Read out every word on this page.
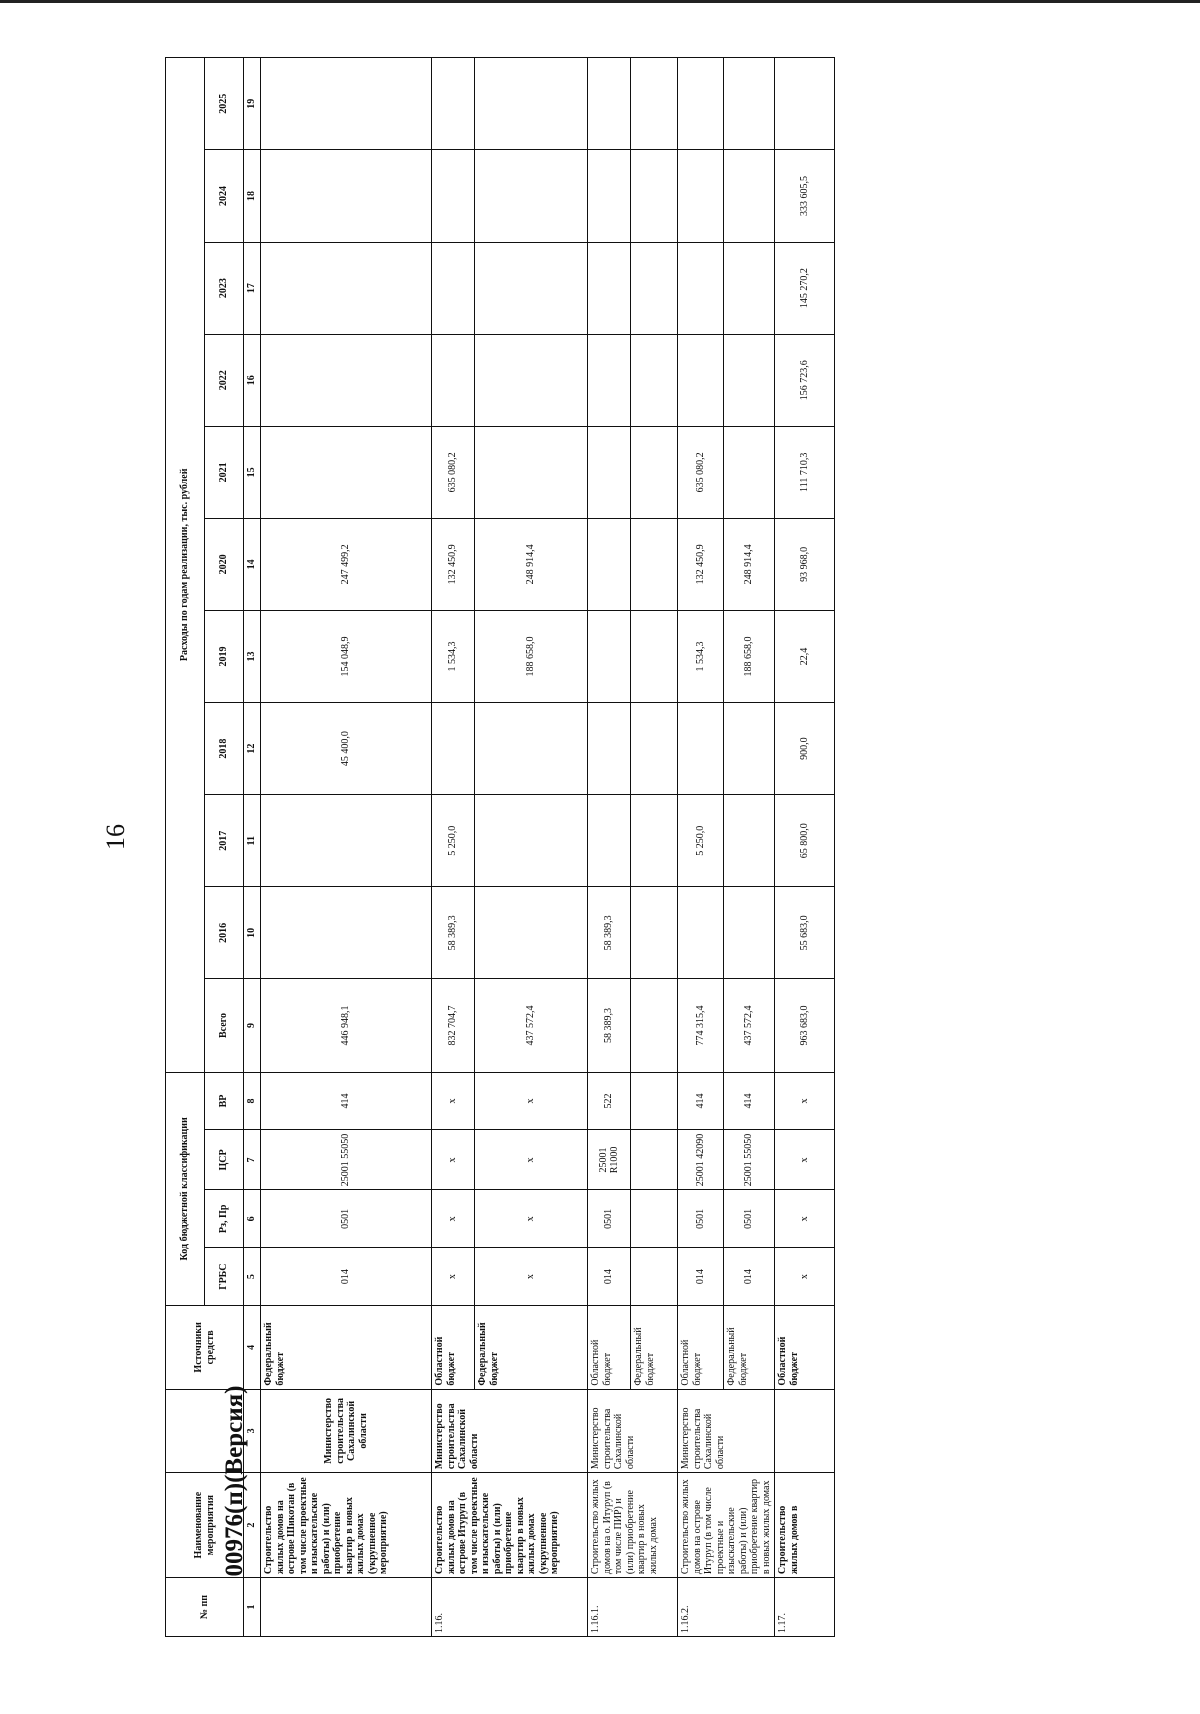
16
00976(п)(Версия)
№ пп	Наименование мероприятия		Источники средств	Код бюджетной классификации				Расходы по годам реализации, тыс. рублей										
				ГРБС	Рз, Пр	ЦСР	ВР	Всего	2016	2017	2018	2019	2020	2021	2022	2023	2024	2025
1	2	3	4	5	6	7	8	9	10	11	12	13	14	15	16	17	18	19
	Строительство жилых домов на острове Шикотан (в том числе проектные и изыскательские работы) и (или) приобретение квартир в новых жилых домах (укрупненное мероприятие)	Министерство строительства Сахалинской области	Федеральный бюджет	014	0501	25001 55050	414	446 948,1			45 400,0	154 048,9	247 499,2					
1.16.	Строительство жилых домов на острове Итуруп (в том числе проектные и изыскательские работы) и (или) приобретение квартир в новых жилых домах (укрупненное мероприятие)	Министерство строительства Сахалинской области	Областной бюджет	х	х	х	х	832 704,7	58 389,3	5 250,0		1 534,3	132 450,9	635 080,2				
			Федеральный бюджет	х	х	х	х	437 572,4				188 658,0	248 914,4					
1.16.1.	Строительство жилых домов на о. Итуруп (в том числе ПИР) и (или) приобретение квартир в новых жилых домах	Министерство строительства Сахалинской области	Областной бюджет	014	0501	25001 R1000	522	58 389,3	58 389,3									
			Федеральный бюджет															
1.16.2.	Строительство жилых домов на острове Итуруп (в том числе проектные и изыскательские работы) и (или) приобретение квартир в новых жилых домах	Министерство строительства Сахалинской области	Областной бюджет	014	0501	25001 42090	414	774 315,4		5 250,0		1 534,3	132 450,9	635 080,2				
			Федеральный бюджет	014	0501	25001 55050	414	437 572,4				188 658,0	248 914,4					
1.17.	Строительство жилых домов в		Областной бюджет	х	х	х	х	963 683,0	55 683,0	65 800,0	900,0	22,4	93 968,0	111 710,3	156 723,6	145 270,2	333 605,5	
